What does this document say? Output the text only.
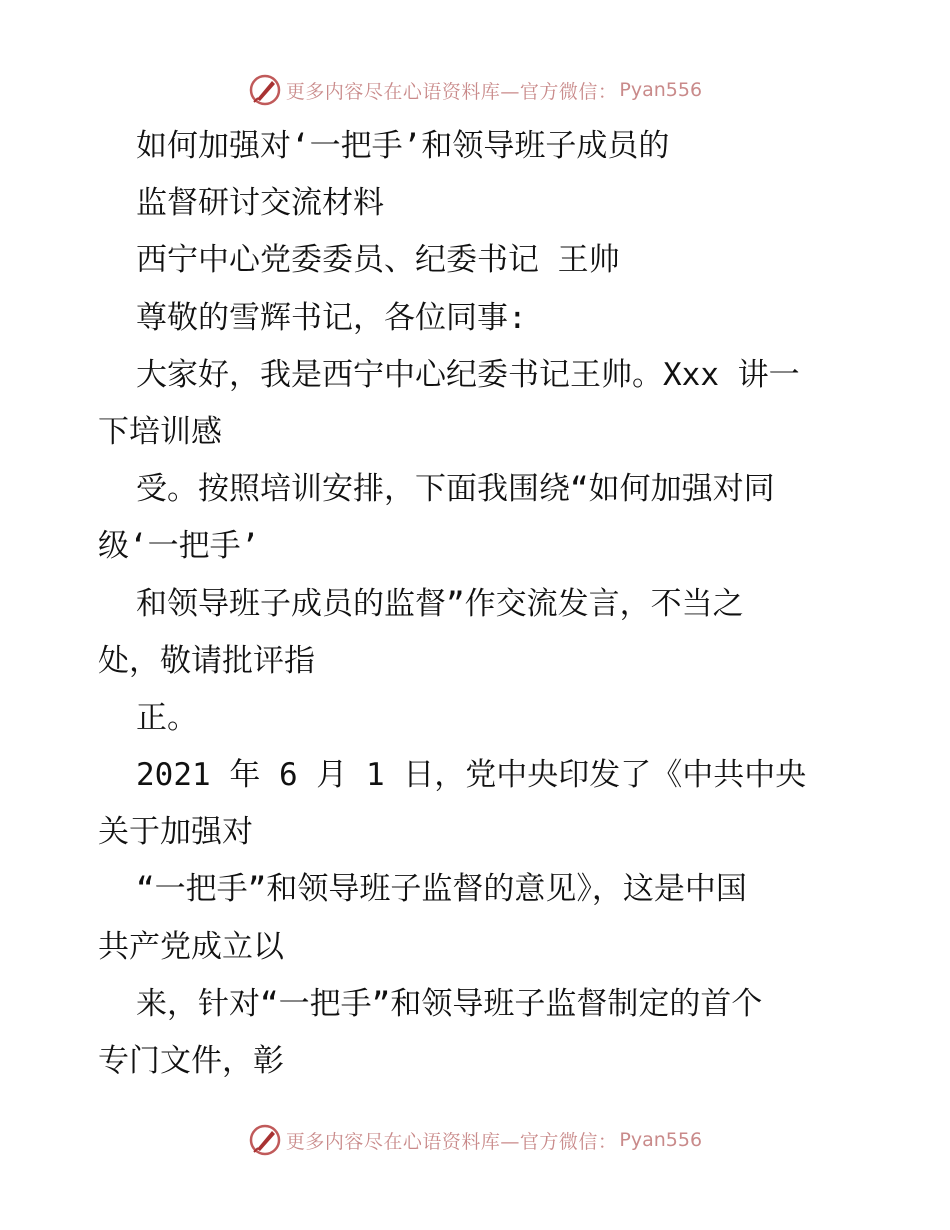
更多内容尽在心语资料库—官方微信： Pyan556
如何加强对‘一把手’和领导班子成员的
监督研讨交流材料
西宁中心党委委员、纪委书记 王帅
尊敬的雪辉书记，各位同事:
大家好，我是西宁中心纪委书记王帅。Xxx 讲一
下培训感
受。按照培训安排，下面我围绕“如何加强对同
级‘一把手’
和领导班子成员的监督”作交流发言，不当之
处，敬请批评指
正。
2021 年 6 月 1 日，党中央印发了《中共中央
关于加强对
“一把手”和领导班子监督的意见》，这是中国
共产党成立以
来，针对“一把手”和领导班子监督制定的首个
专门文件，彰
更多内容尽在心语资料库—官方微信： Pyan556
